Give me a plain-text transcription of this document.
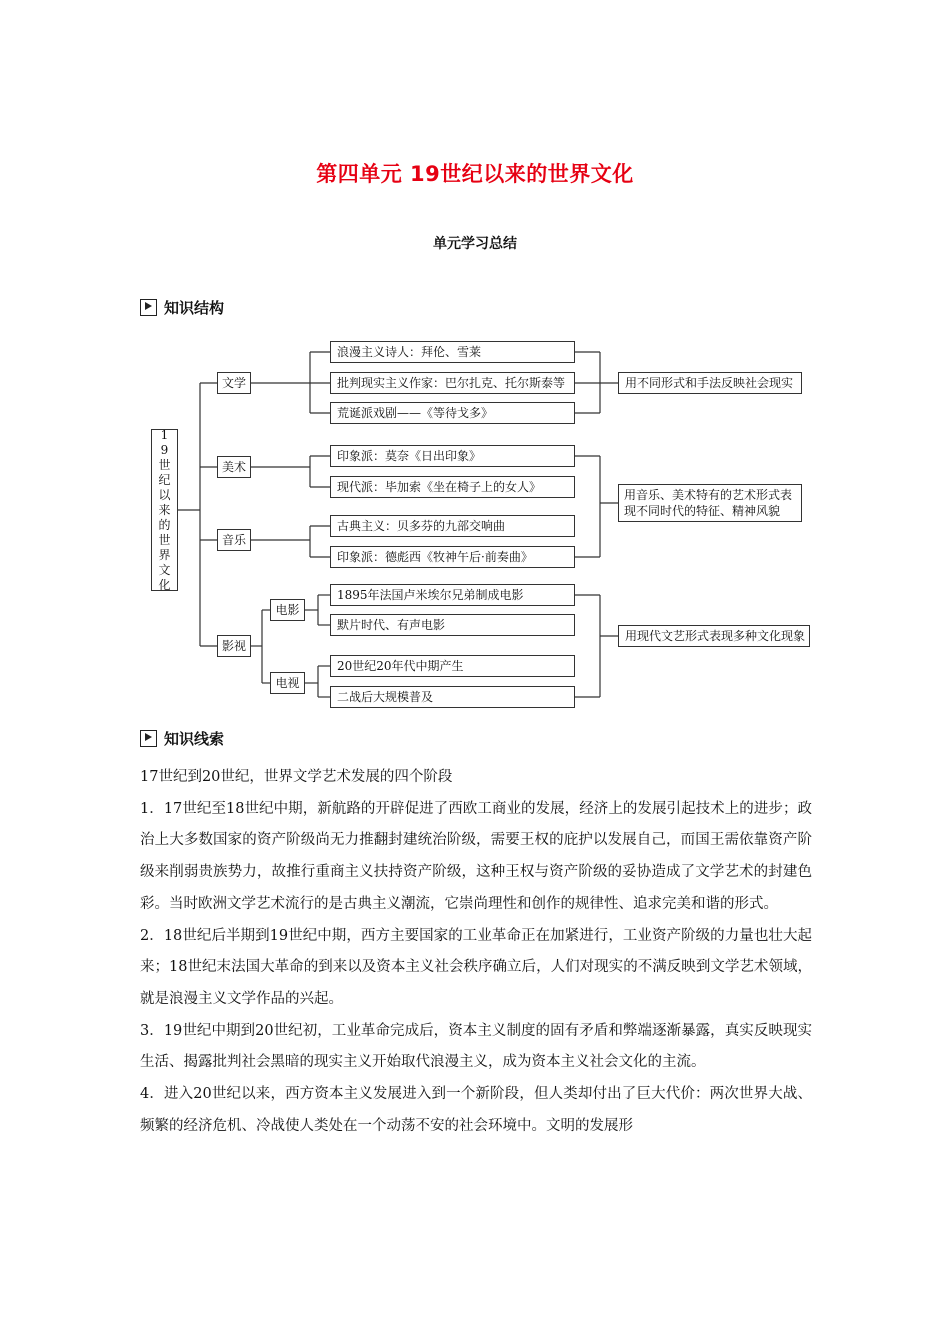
第四单元 19世纪以来的世界文化
单元学习总结
知识结构
19世纪以来的世界文化
文学
美术
音乐
影视
电影
电视
浪漫主义诗人：拜伦、雪莱
批判现实主义作家：巴尔扎克、托尔斯泰等
荒诞派戏剧——《等待戈多》
印象派：莫奈《日出印象》
现代派：毕加索《坐在椅子上的女人》
古典主义：贝多芬的九部交响曲
印象派：德彪西《牧神午后·前奏曲》
1895年法国卢米埃尔兄弟制成电影
默片时代、有声电影
20世纪20年代中期产生
二战后大规模普及
用不同形式和手法反映社会现实
用音乐、美术特有的艺术形式表现不同时代的特征、精神风貌
用现代文艺形式表现多种文化现象
知识线索

17世纪到20世纪，世界文学艺术发展的四个阶段

1．17世纪至18世纪中期，新航路的开辟促进了西欧工商业的发展，经济上的发展引起技术上的进步；政治上大多数国家的资产阶级尚无力推翻封建统治阶级，需要王权的庇护以发展自己，而国王需依靠资产阶级来削弱贵族势力，故推行重商主义扶持资产阶级，这种王权与资产阶级的妥协造成了文学艺术的封建色彩。当时欧洲文学艺术流行的是古典主义潮流，它崇尚理性和创作的规律性、追求完美和谐的形式。

2．18世纪后半期到19世纪中期，西方主要国家的工业革命正在加紧进行，工业资产阶级的力量也壮大起来；18世纪末法国大革命的到来以及资本主义社会秩序确立后，人们对现实的不满反映到文学艺术领域，就是浪漫主义文学作品的兴起。

3．19世纪中期到20世纪初，工业革命完成后，资本主义制度的固有矛盾和弊端逐渐暴露，真实反映现实生活、揭露批判社会黑暗的现实主义开始取代浪漫主义，成为资本主义社会文化的主流。

4．进入20世纪以来，西方资本主义发展进入到一个新阶段，但人类却付出了巨大代价：两次世界大战、频繁的经济危机、冷战使人类处在一个动荡不安的社会环境中。文明的发展形
